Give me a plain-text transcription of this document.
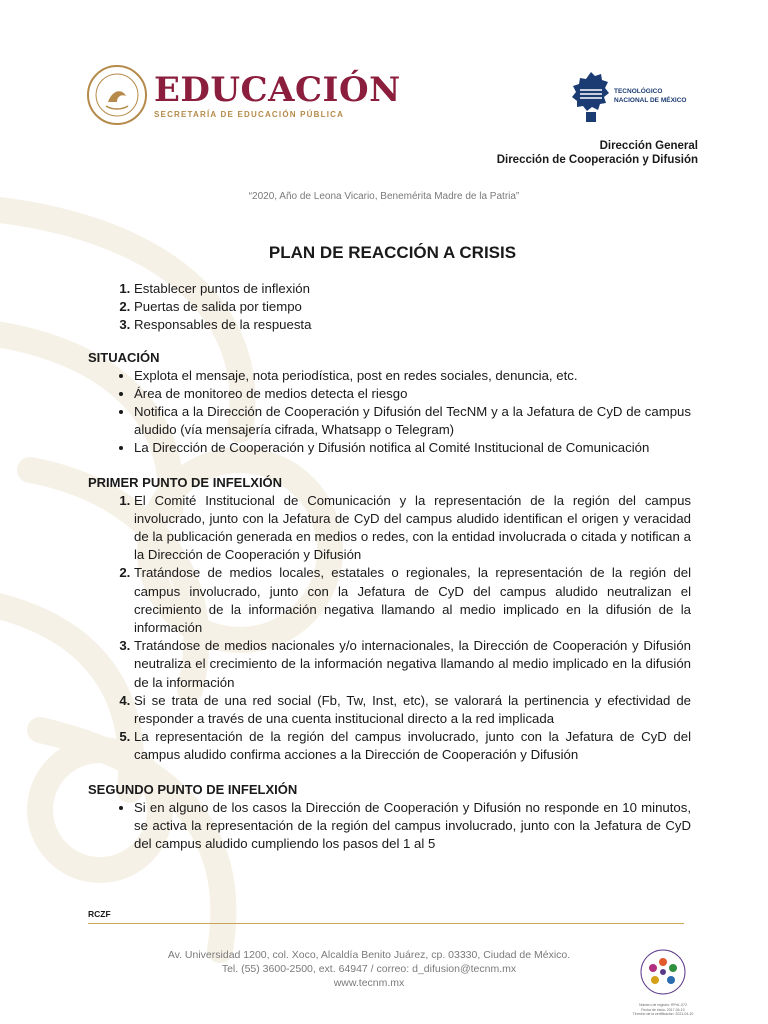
EDUCACIÓN
SECRETARÍA DE EDUCACIÓN PÚBLICA
TECNOLÓGICO
NACIONAL DE MÉXICO
Dirección General
Dirección de Cooperación y Difusión
“2020, Año de Leona Vicario, Benemérita Madre de la Patria”
PLAN DE REACCIÓN A CRISIS
1. Establecer puntos de inflexión
2. Puertas de salida por tiempo
3. Responsables de la respuesta

SITUACIÓN

• Explota el mensaje, nota periodística, post en redes sociales, denuncia, etc.
• Área de monitoreo de medios detecta el riesgo
• Notifica a la Dirección de Cooperación y Difusión del TecNM y a la Jefatura de CyD de campus aludido (vía mensajería cifrada, Whatsapp o Telegram)
• La Dirección de Cooperación y Difusión notifica al Comité Institucional de Comunicación

PRIMER PUNTO DE INFELXIÓN

1. El Comité Institucional de Comunicación y la representación de la región del campus involucrado, junto con la Jefatura de CyD del campus aludido identifican el origen y veracidad de la publicación generada en medios o redes, con la entidad involucrada o citada y notifican a la Dirección de Cooperación y Difusión
2. Tratándose de medios locales, estatales o regionales, la representación de la región del campus involucrado, junto con la Jefatura de CyD del campus aludido neutralizan el crecimiento de la información negativa llamando al medio implicado en la difusión de la información
3. Tratándose de medios nacionales y/o internacionales, la Dirección de Cooperación y Difusión neutraliza el crecimiento de la información negativa llamando al medio implicado en la difusión de la información
4. Si se trata de una red social (Fb, Tw, Inst, etc), se valorará la pertinencia y efectividad de responder a través de una cuenta institucional directo a la red implicada
5. La representación de la región del campus involucrado, junto con la Jefatura de CyD del campus aludido confirma acciones a la Dirección de Cooperación y Difusión

SEGUNDO PUNTO DE INFELXIÓN

• Si en alguno de los casos la Dirección de Cooperación y Difusión no responde en 10 minutos, se activa la representación de la región del campus involucrado, junto con la Jefatura de CyD del campus aludido cumpliendo los pasos del 1 al 5
RCZF
Av. Universidad 1200, col. Xoco, Alcaldía Benito Juárez, cp. 03330, Ciudad de México.
Tel. (55) 3600-2500, ext. 64947 / correo: d_difusion@tecnm.mx
www.tecnm.mx
Número de registro: RPrIL-072
Fecha de inicio: 2017-04-10
Término de la certificación: 2021-04-10
